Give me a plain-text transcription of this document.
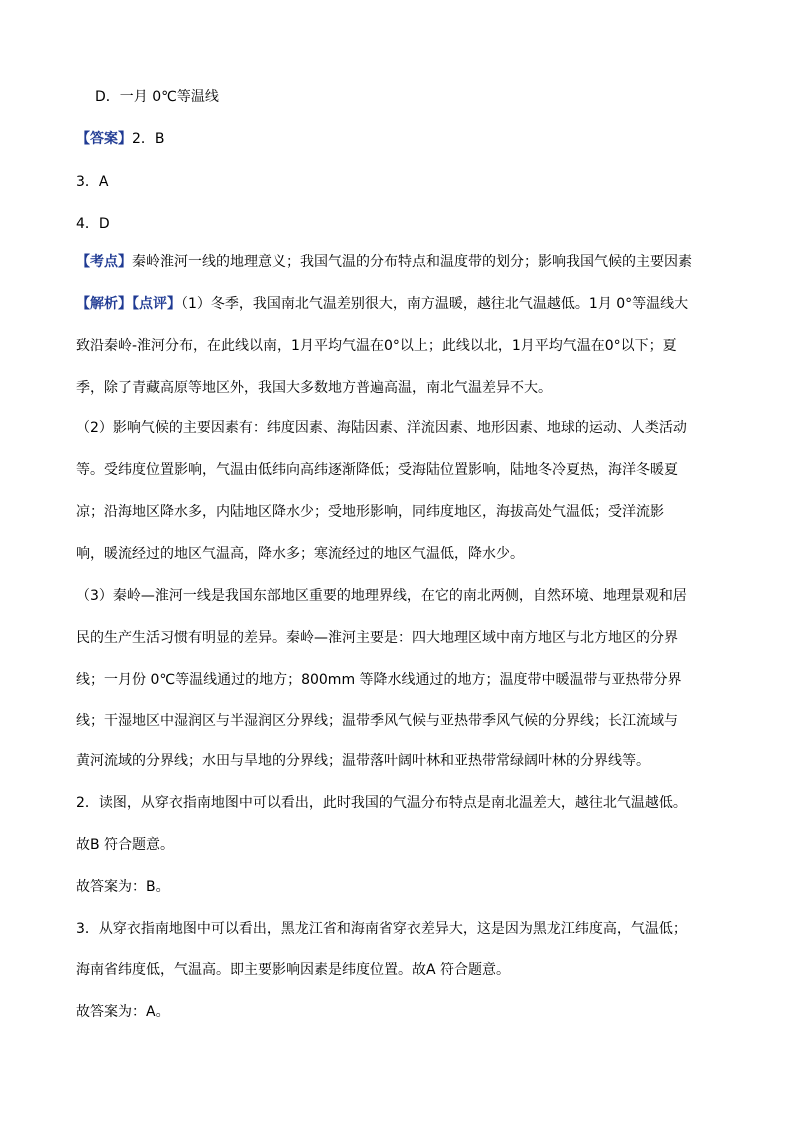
D．一月 0℃等温线
【答案】2．B
3．A
4．D
【考点】秦岭淮河一线的地理意义；我国气温的分布特点和温度带的划分；影响我国气候的主要因素
【解析】【点评】（1）冬季，我国南北气温差别很大，南方温暖，越往北气温越低。1月 0°等温线大
致沿秦岭-淮河分布，在此线以南，1月平均气温在0°以上；此线以北，1月平均气温在0°以下；夏
季，除了青藏高原等地区外，我国大多数地方普遍高温，南北气温差异不大。
（2）影响气候的主要因素有：纬度因素、海陆因素、洋流因素、地形因素、地球的运动、人类活动
等。受纬度位置影响，气温由低纬向高纬逐渐降低；受海陆位置影响，陆地冬冷夏热，海洋冬暖夏
凉；沿海地区降水多，内陆地区降水少；受地形影响，同纬度地区，海拔高处气温低；受洋流影
响，暖流经过的地区气温高，降水多；寒流经过的地区气温低，降水少。
（3）秦岭—淮河一线是我国东部地区重要的地理界线，在它的南北两侧，自然环境、地理景观和居
民的生产生活习惯有明显的差异。秦岭—淮河主要是：四大地理区域中南方地区与北方地区的分界
线；一月份 0℃等温线通过的地方；800mm 等降水线通过的地方；温度带中暖温带与亚热带分界
线；干湿地区中湿润区与半湿润区分界线；温带季风气候与亚热带季风气候的分界线；长江流域与
黄河流域的分界线；水田与旱地的分界线；温带落叶阔叶林和亚热带常绿阔叶林的分界线等。
2．读图，从穿衣指南地图中可以看出，此时我国的气温分布特点是南北温差大，越往北气温越低。
故B 符合题意。
故答案为：B。
3．从穿衣指南地图中可以看出，黑龙江省和海南省穿衣差异大，这是因为黑龙江纬度高，气温低；
海南省纬度低，气温高。即主要影响因素是纬度位置。故A 符合题意。
故答案为：A。
